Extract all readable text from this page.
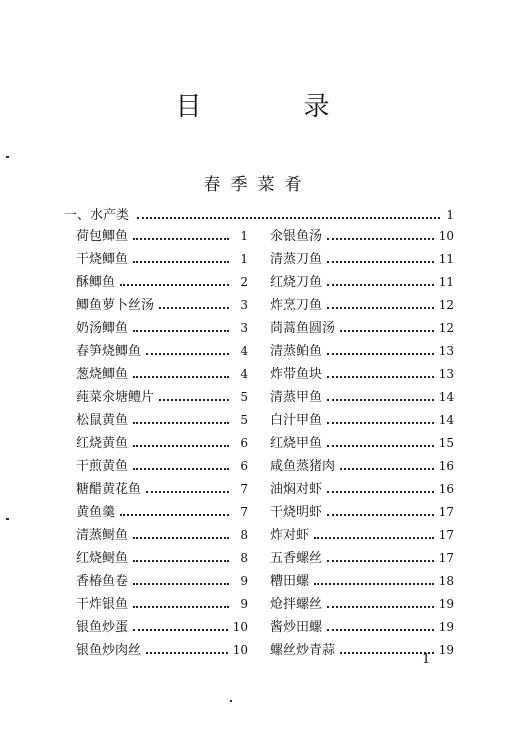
目　录
春季菜肴
一、水产类	1
荷包鲫鱼	1
干烧鲫鱼	1
酥鲫鱼	2
鲫鱼萝卜丝汤	3
奶汤鲫鱼	3
春笋烧鲫鱼	4
葱烧鲫鱼	4
莼菜氽塘鳢片	5
松鼠黄鱼	5
红烧黄鱼	6
干煎黄鱼	6
糖醋黄花鱼	7
黄鱼羹	7
清蒸鲥鱼	8
红烧鲥鱼	8
香椿鱼卷	9
干炸银鱼	9
银鱼炒蛋	10
银鱼炒肉丝	10
氽银鱼汤	10
清蒸刀鱼	11
红烧刀鱼	11
炸烹刀鱼	12
茼蒿鱼圆汤	12
清蒸鲌鱼	13
炸带鱼块	13
清蒸甲鱼	14
白汁甲鱼	14
红烧甲鱼	15
咸鱼蒸猪肉	16
油焖对虾	16
干烧明虾	17
炸对虾	17
五香螺丝	17
糟田螺	18
炝拌螺丝	19
酱炒田螺	19
螺丝炒青蒜	19
1
